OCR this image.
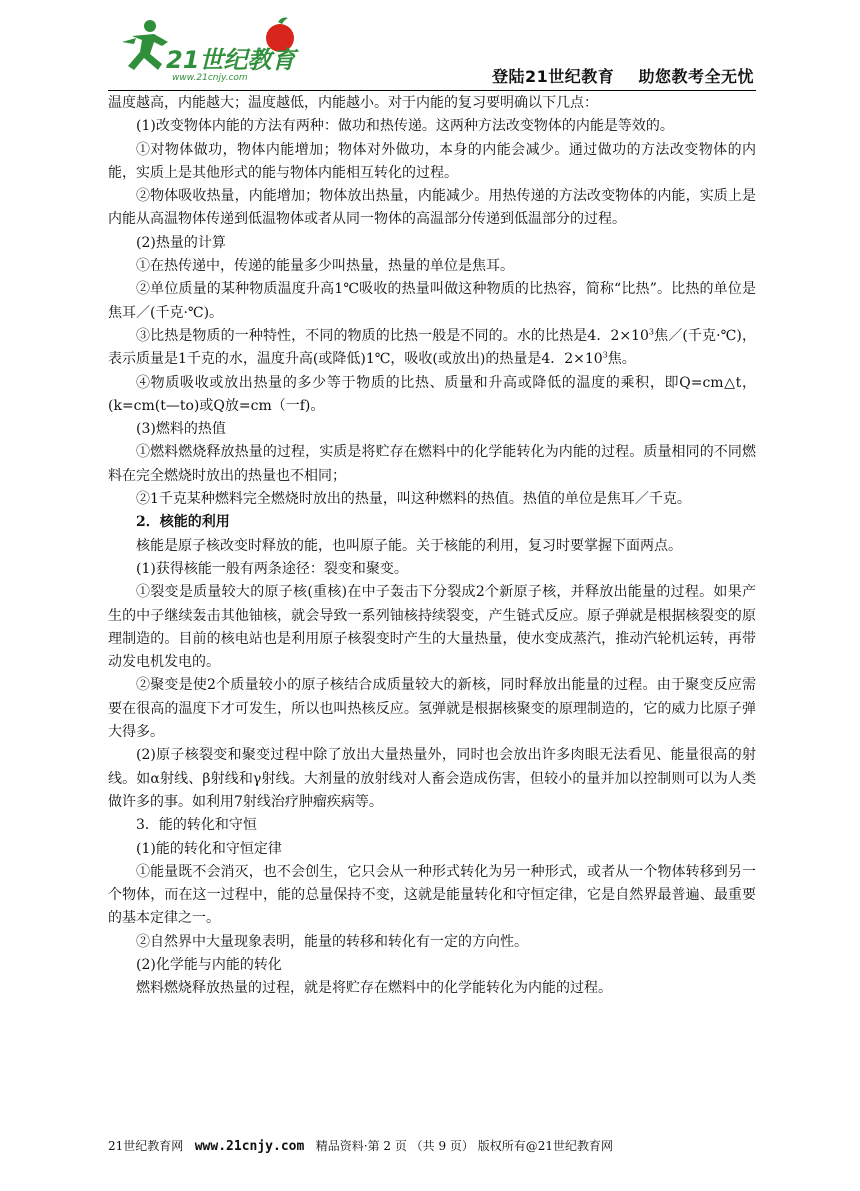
21世纪教育
www.21cnjy.com	登陆21世纪教育    助您教考全无忧

温度越高，内能越大；温度越低，内能越小。对于内能的复习要明确以下几点：

(1)改变物体内能的方法有两种：做功和热传递。这两种方法改变物体的内能是等效的。

①对物体做功，物体内能增加；物体对外做功，本身的内能会减少。通过做功的方法改变物体的内能，实质上是其他形式的能与物体内能相互转化的过程。

②物体吸收热量，内能增加；物体放出热量，内能减少。用热传递的方法改变物体的内能，实质上是内能从高温物体传递到低温物体或者从同一物体的高温部分传递到低温部分的过程。

(2)热量的计算

①在热传递中，传递的能量多少叫热量，热量的单位是焦耳。

②单位质量的某种物质温度升高1℃吸收的热量叫做这种物质的比热容，简称“比热”。比热的单位是焦耳／(千克·℃)。

③比热是物质的一种特性，不同的物质的比热一般是不同的。水的比热是4．$2\times 10^3$焦／(千克·℃)，表示质量是1千克的水，温度升高(或降低)1℃，吸收(或放出)的热量是4．$2\times 10^3$焦。

④物质吸收或放出热量的多少等于物质的比热、质量和升高或降低的温度的乘积，即Q=cm△t，(k=cm(t—to)或Q放=cm（一f)。

(3)燃料的热值

①燃料燃烧释放热量的过程，实质是将贮存在燃料中的化学能转化为内能的过程。质量相同的不同燃料在完全燃烧时放出的热量也不相同；

②1千克某种燃料完全燃烧时放出的热量，叫这种燃料的热值。热值的单位是焦耳／千克。

2．核能的利用

核能是原子核改变时释放的能，也叫原子能。关于核能的利用，复习时要掌握下面两点。

(1)获得核能一般有两条途径：裂变和聚变。

①裂变是质量较大的原子核(重核)在中子轰击下分裂成2个新原子核，并释放出能量的过程。如果产生的中子继续轰击其他铀核，就会导致一系列铀核持续裂变，产生链式反应。原子弹就是根据核裂变的原理制造的。目前的核电站也是利用原子核裂变时产生的大量热量，使水变成蒸汽，推动汽轮机运转，再带动发电机发电的。

②聚变是使2个质量较小的原子核结合成质量较大的新核，同时释放出能量的过程。由于聚变反应需要在很高的温度下才可发生，所以也叫热核反应。氢弹就是根据核聚变的原理制造的，它的威力比原子弹大得多。

(2)原子核裂变和聚变过程中除了放出大量热量外，同时也会放出许多肉眼无法看见、能量很高的射线。如α射线、β射线和γ射线。大剂量的放射线对人畜会造成伤害，但较小的量并加以控制则可以为人类做许多的事。如利用7射线治疗肿瘤疾病等。

3．能的转化和守恒

(1)能的转化和守恒定律

①能量既不会消灭，也不会创生，它只会从一种形式转化为另一种形式，或者从一个物体转移到另一个物体，而在这一过程中，能的总量保持不变，这就是能量转化和守恒定律，它是自然界最普遍、最重要的基本定律之一。

②自然界中大量现象表明，能量的转移和转化有一定的方向性。

(2)化学能与内能的转化

燃料燃烧释放热量的过程，就是将贮存在燃料中的化学能转化为内能的过程。

21世纪教育网 www.21cnjy.com 精品资料·第 2 页 （共 9 页） 版权所有@21世纪教育网
